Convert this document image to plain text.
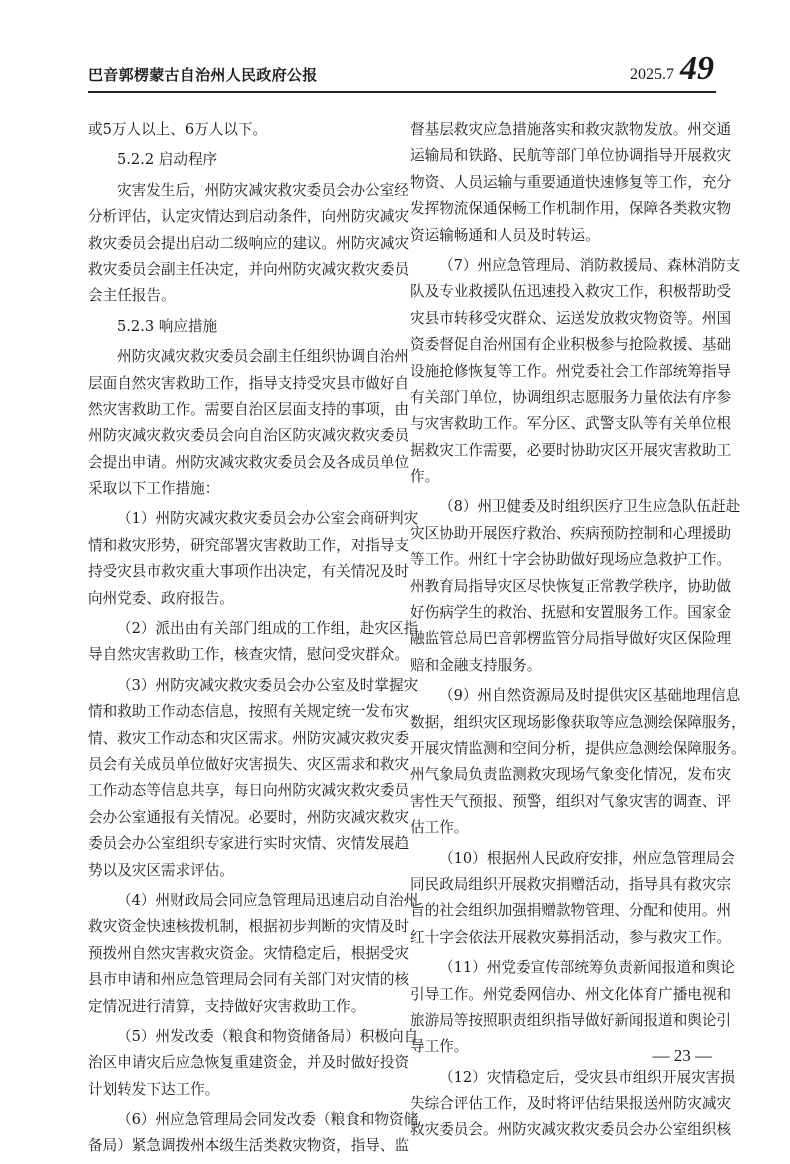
巴音郭楞蒙古自治州人民政府公报	2025.7 49
或5万人以上、6万人以下。
5.2.2 启动程序
灾害发生后，州防灾减灾救灾委员会办公室经
分析评估，认定灾情达到启动条件，向州防灾减灾
救灾委员会提出启动二级响应的建议。州防灾减灾
救灾委员会副主任决定，并向州防灾减灾救灾委员
会主任报告。
5.2.3 响应措施
州防灾减灾救灾委员会副主任组织协调自治州
层面自然灾害救助工作，指导支持受灾县市做好自
然灾害救助工作。需要自治区层面支持的事项，由
州防灾减灾救灾委员会向自治区防灾减灾救灾委员
会提出申请。州防灾减灾救灾委员会及各成员单位
采取以下工作措施：
（1）州防灾减灾救灾委员会办公室会商研判灾
情和救灾形势，研究部署灾害救助工作，对指导支
持受灾县市救灾重大事项作出决定，有关情况及时
向州党委、政府报告。
（2）派出由有关部门组成的工作组，赴灾区指
导自然灾害救助工作，核查灾情，慰问受灾群众。
（3）州防灾减灾救灾委员会办公室及时掌握灾
情和救助工作动态信息，按照有关规定统一发布灾
情、救灾工作动态和灾区需求。州防灾减灾救灾委
员会有关成员单位做好灾害损失、灾区需求和救灾
工作动态等信息共享，每日向州防灾减灾救灾委员
会办公室通报有关情况。必要时，州防灾减灾救灾
委员会办公室组织专家进行实时灾情、灾情发展趋
势以及灾区需求评估。
（4）州财政局会同应急管理局迅速启动自治州
救灾资金快速核拨机制，根据初步判断的灾情及时
预拨州自然灾害救灾资金。灾情稳定后，根据受灾
县市申请和州应急管理局会同有关部门对灾情的核
定情况进行清算，支持做好灾害救助工作。
（5）州发改委（粮食和物资储备局）积极向自
治区申请灾后应急恢复重建资金，并及时做好投资
计划转发下达工作。
（6）州应急管理局会同发改委（粮食和物资储
备局）紧急调拨州本级生活类救灾物资，指导、监
督基层救灾应急措施落实和救灾款物发放。州交通
运输局和铁路、民航等部门单位协调指导开展救灾
物资、人员运输与重要通道快速修复等工作，充分
发挥物流保通保畅工作机制作用，保障各类救灾物
资运输畅通和人员及时转运。
（7）州应急管理局、消防救援局、森林消防支
队及专业救援队伍迅速投入救灾工作，积极帮助受
灾县市转移受灾群众、运送发放救灾物资等。州国
资委督促自治州国有企业积极参与抢险救援、基础
设施抢修恢复等工作。州党委社会工作部统筹指导
有关部门单位，协调组织志愿服务力量依法有序参
与灾害救助工作。军分区、武警支队等有关单位根
据救灾工作需要，必要时协助灾区开展灾害救助工
作。
（8）州卫健委及时组织医疗卫生应急队伍赶赴
灾区协助开展医疗救治、疾病预防控制和心理援助
等工作。州红十字会协助做好现场应急救护工作。
州教育局指导灾区尽快恢复正常教学秩序，协助做
好伤病学生的救治、抚慰和安置服务工作。国家金
融监管总局巴音郭楞监管分局指导做好灾区保险理
赔和金融支持服务。
（9）州自然资源局及时提供灾区基础地理信息
数据，组织灾区现场影像获取等应急测绘保障服务，
开展灾情监测和空间分析，提供应急测绘保障服务。
州气象局负责监测救灾现场气象变化情况，发布灾
害性天气预报、预警，组织对气象灾害的调查、评
估工作。
（10）根据州人民政府安排，州应急管理局会
同民政局组织开展救灾捐赠活动，指导具有救灾宗
旨的社会组织加强捐赠款物管理、分配和使用。州
红十字会依法开展救灾募捐活动，参与救灾工作。
（11）州党委宣传部统筹负责新闻报道和舆论
引导工作。州党委网信办、州文化体育广播电视和
旅游局等按照职责组织指导做好新闻报道和舆论引
导工作。
（12）灾情稳定后，受灾县市组织开展灾害损
失综合评估工作，及时将评估结果报送州防灾减灾
救灾委员会。州防灾减灾救灾委员会办公室组织核
— 23 —
